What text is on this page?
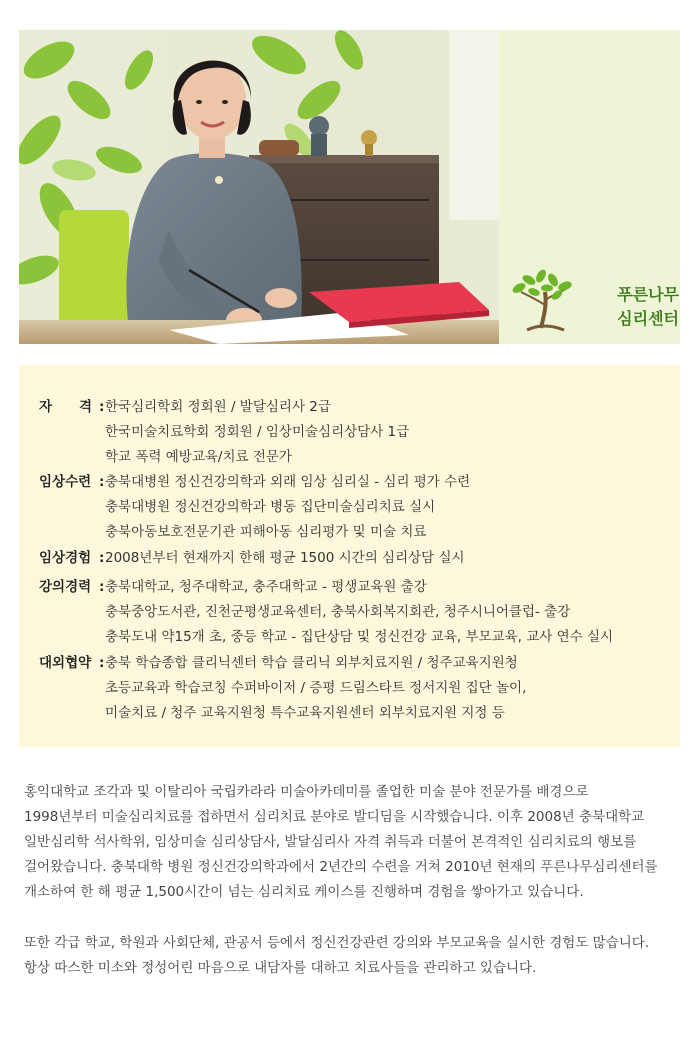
푸른나무
심리센터
자　　격 : 한국심리학회 정회원 / 발달심리사 2급
한국미술치료학회 정회원 / 임상미술심리상담사 1급
학교 폭력 예방교육/치료 전문가
임상수련 : 충북대병원 정신건강의학과 외래 임상 심리실 - 심리 평가 수련
충북대병원 정신건강의학과 병동 집단미술심리치료 실시
충북아동보호전문기관 피해아동 심리평가 및 미술 치료
임상경험 : 2008년부터 현재까지 한해 평균 1500 시간의 심리상담 실시
강의경력 : 충북대학교, 청주대학교, 충주대학교 - 평생교육원 출강
충북중앙도서관, 진천군평생교육센터, 충북사회복지회관, 청주시니어클럽- 출강
충북도내 약15개 초, 중등 학교 - 집단상담 및 정신건강 교육, 부모교육, 교사 연수 실시
대외협약 : 충북 학습종합 클리닉센터 학습 클리닉 외부치료지원 / 청주교육지원청
초등교육과 학습코칭 수퍼바이저 / 증평 드림스타트 정서지원 집단 놀이,
미술치료 / 청주 교육지원청 특수교육지원센터 외부치료지원 지정 등

홍익대학교 조각과 및 이탈리아 국립카라라 미술아카데미를 졸업한 미술 분야 전문가를 배경으로

1998년부터 미술심리치료를 접하면서 심리치료 분야로 발디딤을 시작했습니다. 이후 2008년 충북대학교

일반심리학 석사학위, 임상미술 심리상담사, 발달심리사 자격 취득과 더불어 본격적인 심리치료의 행보를

걸어왔습니다. 충북대학 병원 정신건강의학과에서 2년간의 수련을 거쳐 2010년 현재의 푸른나무심리센터를

개소하여 한 해 평균 1,500시간이 넘는 심리치료 케이스를 진행하며 경험을 쌓아가고 있습니다.

또한 각급 학교, 학원과 사회단체, 관공서 등에서 정신건강관련 강의와 부모교육을 실시한 경험도 많습니다.

항상 따스한 미소와 정성어린 마음으로 내담자를 대하고 치료사들을 관리하고 있습니다.
